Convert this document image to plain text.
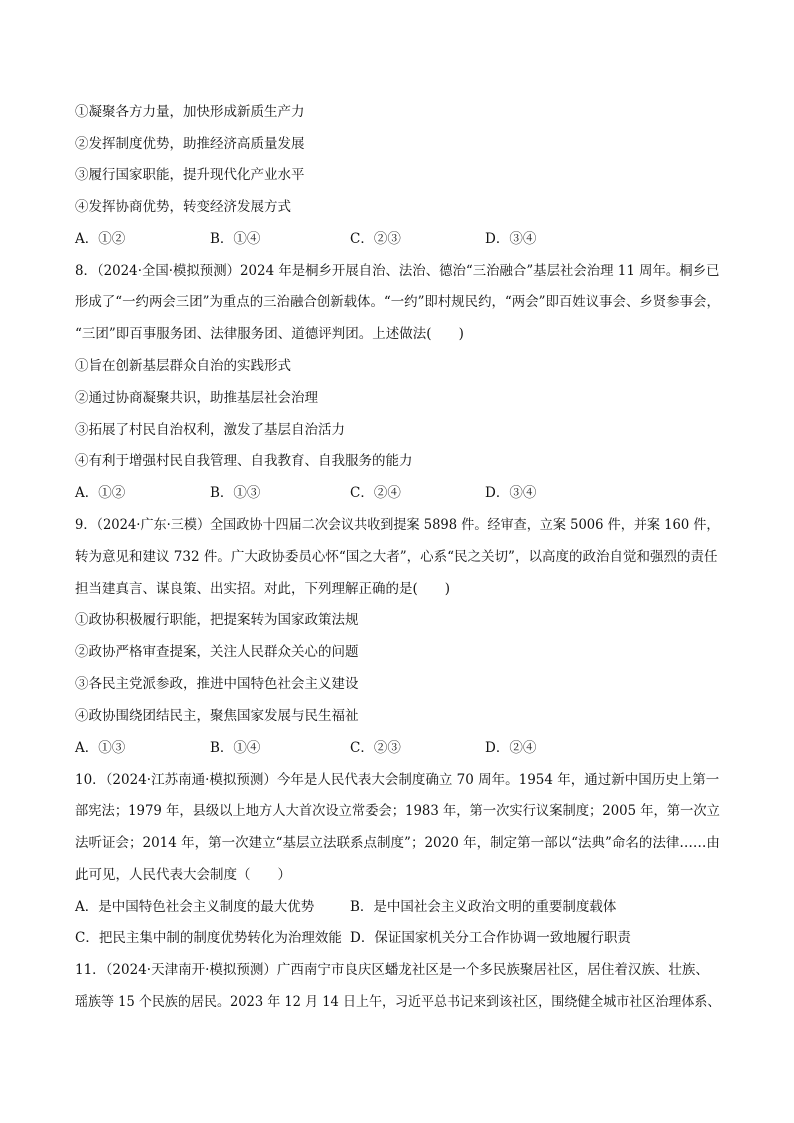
①凝聚各方力量，加快形成新质生产力
②发挥制度优势，助推经济高质量发展
③履行国家职能，提升现代化产业水平
④发挥协商优势，转变经济发展方式
A．①②	B．①④	C．②③	D．③④
8．（2024·全国·模拟预测）2024 年是桐乡开展自治、法治、德治“三治融合”基层社会治理 11 周年。桐乡已
形成了“一约两会三团”为重点的三治融合创新载体。“一约”即村规民约，“两会”即百姓议事会、乡贤参事会，
“三团”即百事服务团、法律服务团、道德评判团。上述做法(　　)
①旨在创新基层群众自治的实践形式
②通过协商凝聚共识，助推基层社会治理
③拓展了村民自治权利，激发了基层自治活力
④有利于增强村民自我管理、自我教育、自我服务的能力
A．①②	B．①③	C．②④	D．③④
9．（2024·广东·三模）全国政协十四届二次会议共收到提案 5898 件。经审查，立案 5006 件，并案 160 件，
转为意见和建议 732 件。广大政协委员心怀“国之大者”，心系“民之关切”，以高度的政治自觉和强烈的责任
担当建真言、谋良策、出实招。对此，下列理解正确的是(　　)
①政协积极履行职能，把提案转为国家政策法规
②政协严格审查提案，关注人民群众关心的问题
③各民主党派参政，推进中国特色社会主义建设
④政协围绕团结民主，聚焦国家发展与民生福祉
A．①③	B．①④	C．②③	D．②④
10．（2024·江苏南通·模拟预测）今年是人民代表大会制度确立 70 周年。1954 年，通过新中国历史上第一
部宪法；1979 年，县级以上地方人大首次设立常委会；1983 年，第一次实行议案制度；2005 年，第一次立
法听证会；2014 年，第一次建立“基层立法联系点制度”；2020 年，制定第一部以“法典”命名的法律……由
此可见，人民代表大会制度（　　）
A．是中国特色社会主义制度的最大优势	B．是中国社会主义政治文明的重要制度载体
C．把民主集中制的制度优势转化为治理效能 D．保证国家机关分工合作协调一致地履行职责
11．（2024·天津南开·模拟预测）广西南宁市良庆区蟠龙社区是一个多民族聚居社区，居住着汉族、壮族、
瑶族等 15 个民族的居民。2023 年 12 月 14 日上午，习近平总书记来到该社区，围绕健全城市社区治理体系、
